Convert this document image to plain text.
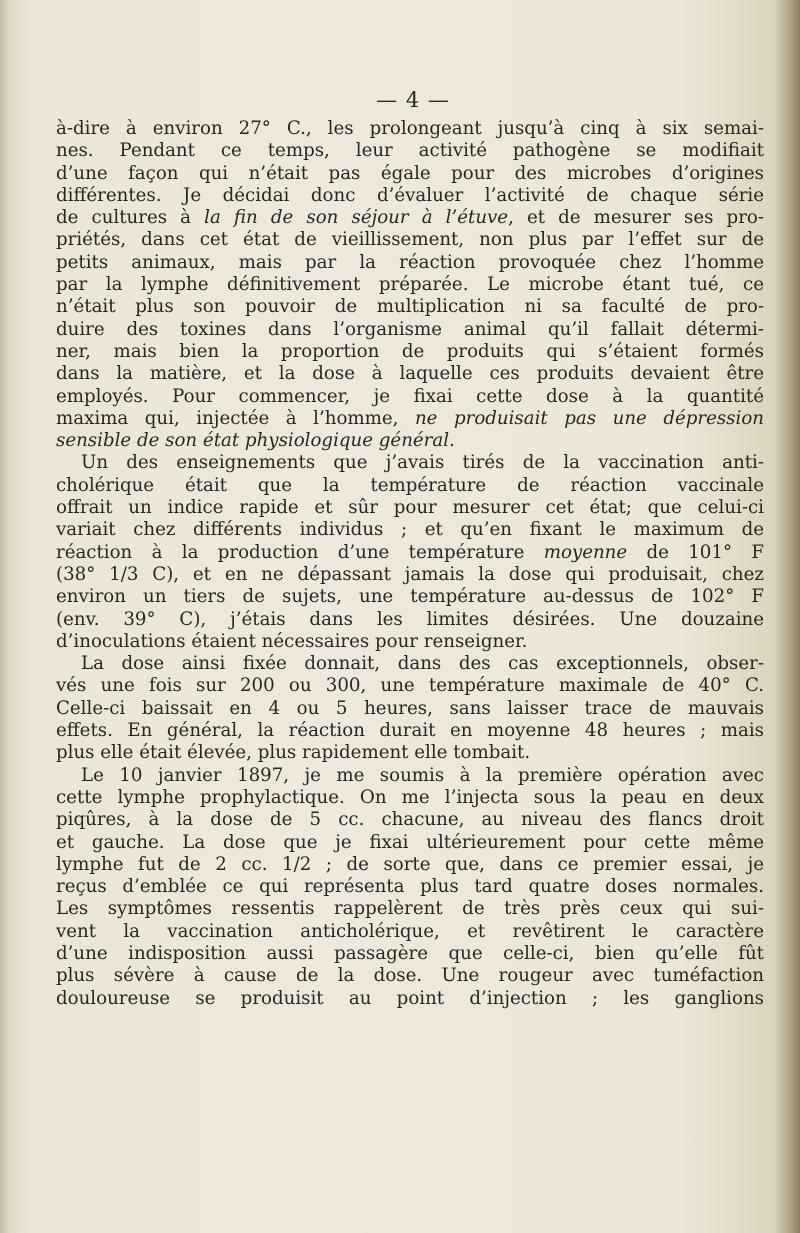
— 4 —
à-dire à environ 27° C., les prolongeant jusqu’à cinq à six semai-
nes. Pendant ce temps, leur activité pathogène se modifiait
d’une façon qui n’était pas égale pour des microbes d’origines
différentes. Je décidai donc d’évaluer l’activité de chaque série
de cultures à la fin de son séjour à l’étuve, et de mesurer ses pro-
priétés, dans cet état de vieillissement, non plus par l’effet sur de
petits animaux, mais par la réaction provoquée chez l’homme
par la lymphe définitivement préparée. Le microbe étant tué, ce
n’était plus son pouvoir de multiplication ni sa faculté de pro-
duire des toxines dans l’organisme animal qu’il fallait détermi-
ner, mais bien la proportion de produits qui s’étaient formés
dans la matière, et la dose à laquelle ces produits devaient être
employés. Pour commencer, je fixai cette dose à la quantité
maxima qui, injectée à l’homme, ne produisait pas une dépression
sensible de son état physiologique général.
Un des enseignements que j’avais tirés de la vaccination anti-
cholérique était que la température de réaction vaccinale
offrait un indice rapide et sûr pour mesurer cet état; que celui-ci
variait chez différents individus ; et qu’en fixant le maximum de
réaction à la production d’une température moyenne de 101° F
(38° 1/3 C), et en ne dépassant jamais la dose qui produisait, chez
environ un tiers de sujets, une température au-dessus de 102° F
(env. 39° C), j’étais dans les limites désirées. Une douzaine
d’inoculations étaient nécessaires pour renseigner.
La dose ainsi fixée donnait, dans des cas exceptionnels, obser-
vés une fois sur 200 ou 300, une température maximale de 40° C.
Celle-ci baissait en 4 ou 5 heures, sans laisser trace de mauvais
effets. En général, la réaction durait en moyenne 48 heures ; mais
plus elle était élevée, plus rapidement elle tombait.
Le 10 janvier 1897, je me soumis à la première opération avec
cette lymphe prophylactique. On me l’injecta sous la peau en deux
piqûres, à la dose de 5 cc. chacune, au niveau des flancs droit
et gauche. La dose que je fixai ultérieurement pour cette même
lymphe fut de 2 cc. 1/2 ; de sorte que, dans ce premier essai, je
reçus d’emblée ce qui représenta plus tard quatre doses normales.
Les symptômes ressentis rappelèrent de très près ceux qui sui-
vent la vaccination anticholérique, et revêtirent le caractère
d’une indisposition aussi passagère que celle-ci, bien qu’elle fût
plus sévère à cause de la dose. Une rougeur avec tuméfaction
douloureuse se produisit au point d’injection ; les ganglions
